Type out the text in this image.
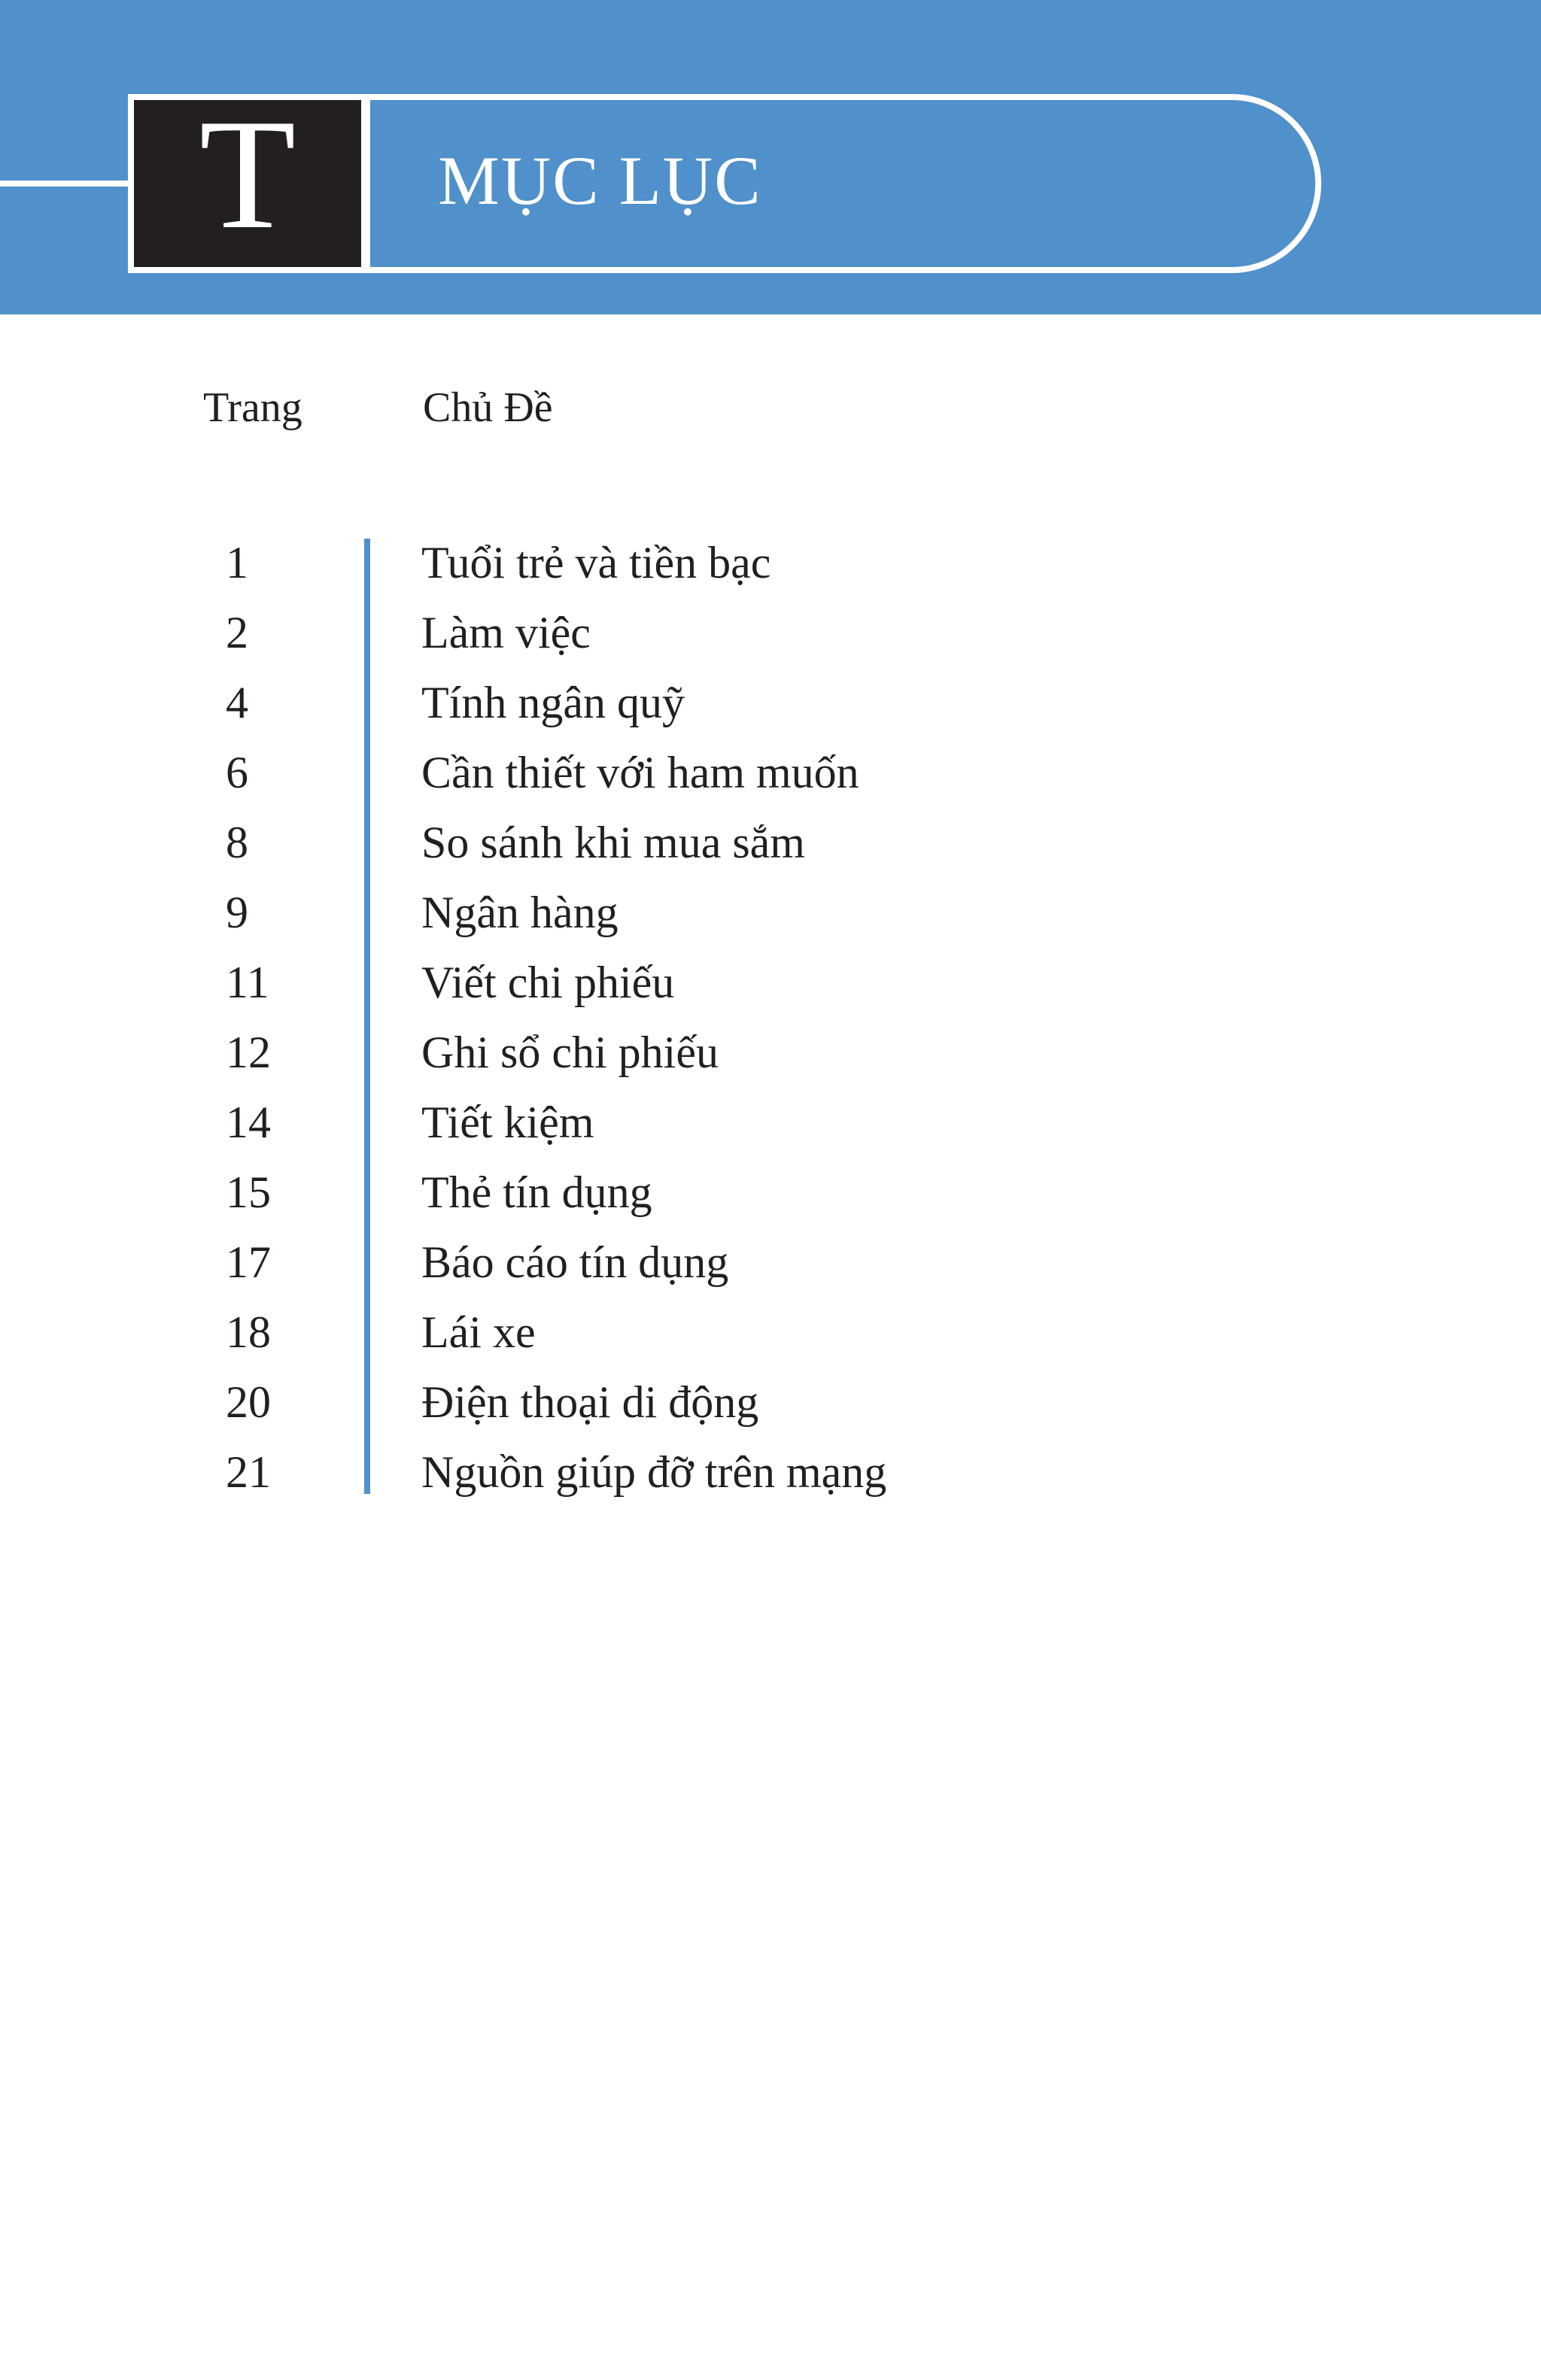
T	MỤC LỤC
Trang	Chủ Đề
1	Tuổi trẻ và tiền bạc
2	Làm việc
4	Tính ngân quỹ
6	Cần thiết với ham muốn
8	So sánh khi mua sắm
9	Ngân hàng
11	Viết chi phiếu
12	Ghi sổ chi phiếu
14	Tiết kiệm
15	Thẻ tín dụng
17	Báo cáo tín dụng
18	Lái xe
20	Điện thoại di động
21	Nguồn giúp đỡ trên mạng
